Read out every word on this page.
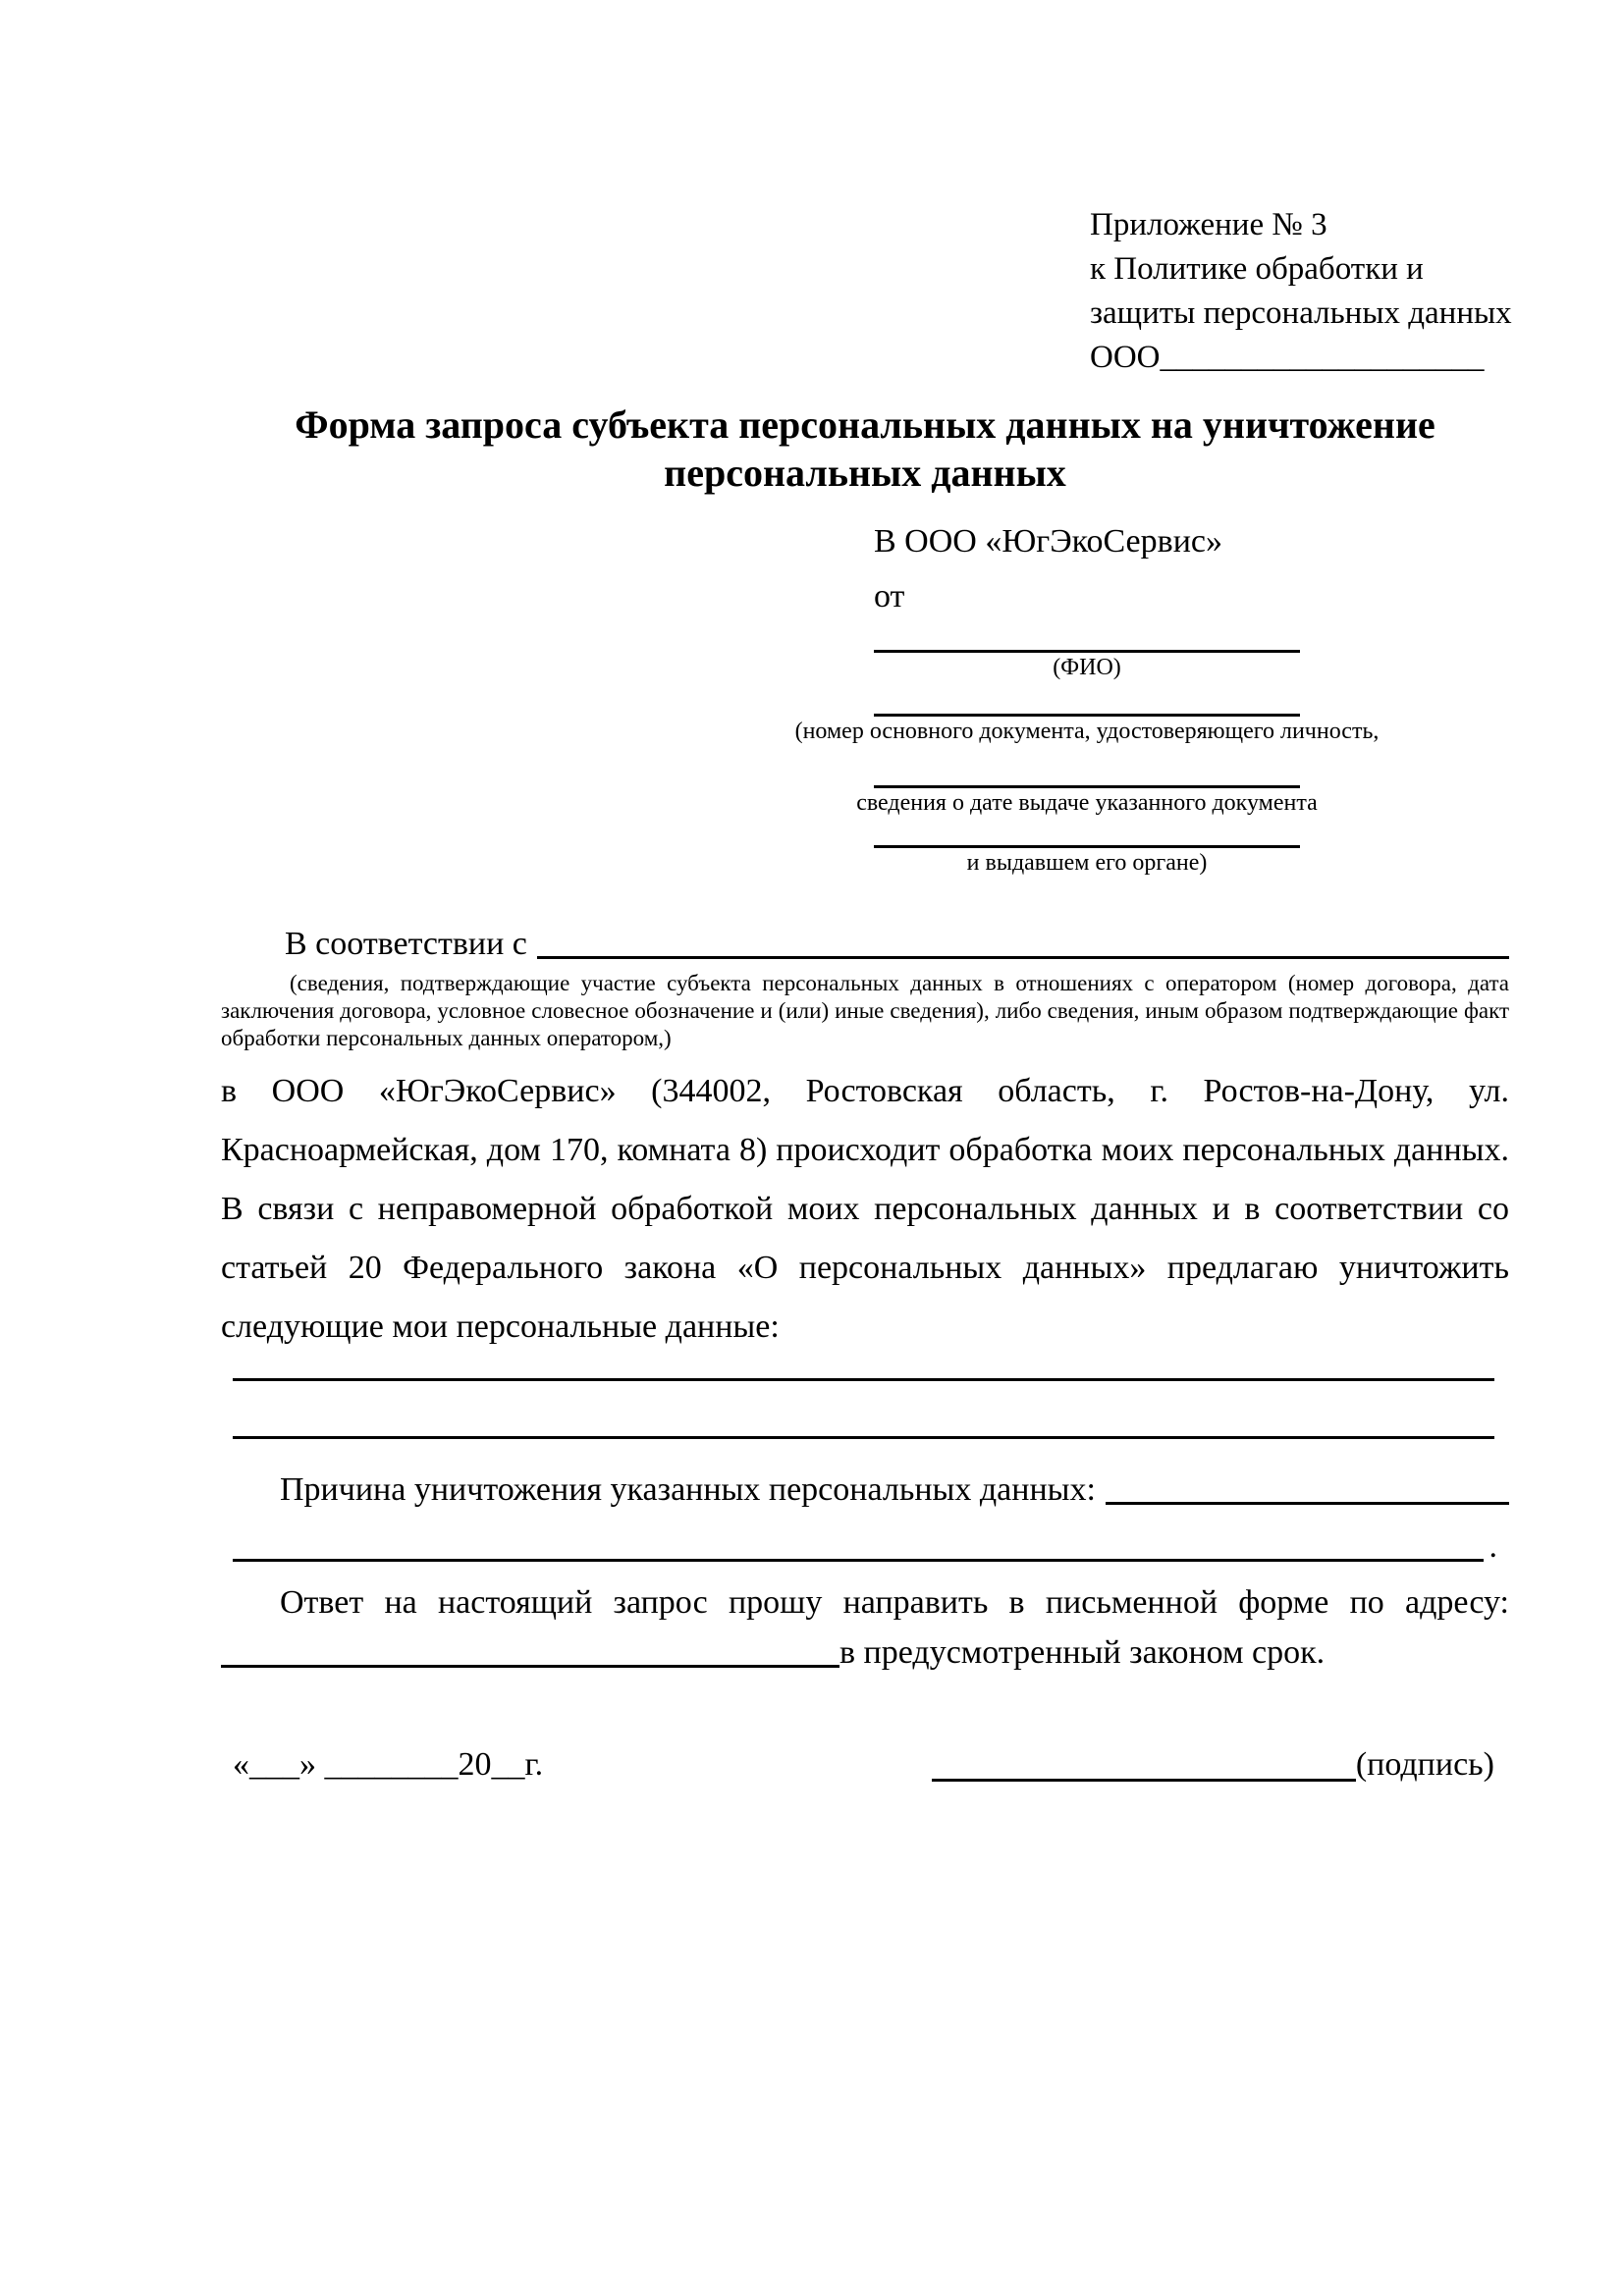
Приложение № 3
к Политике обработки и
защиты персональных данных
ООО____________________
Форма запроса субъекта персональных данных на уничтожение персональных данных
В ООО «ЮгЭкоСервис»
от
(ФИО)
(номер основного документа, удостоверяющего личность,
сведения о дате выдаче указанного документа
и выдавшем его органе)
В соответствии с
(сведения, подтверждающие участие субъекта персональных данных в отношениях с оператором (номер договора, дата
заключения договора, условное словесное обозначение и (или) иные сведения), либо сведения, иным образом подтверждающие факт
обработки персональных данных оператором,)
в ООО «ЮгЭкоСервис» (344002, Ростовская область, г. Ростов-на-Дону, ул.
Красноармейская, дом 170, комната 8) происходит обработка моих персональных данных.
В связи с неправомерной обработкой моих персональных данных и в соответствии со
статьей 20 Федерального закона «О персональных данных» предлагаю уничтожить
следующие мои персональные данные:
Причина уничтожения указанных персональных данных:
.
Ответ на настоящий запрос прошу направить в письменной форме по адресу:
в предусмотренный законом срок.
«___» ________20__г.	(подпись)
